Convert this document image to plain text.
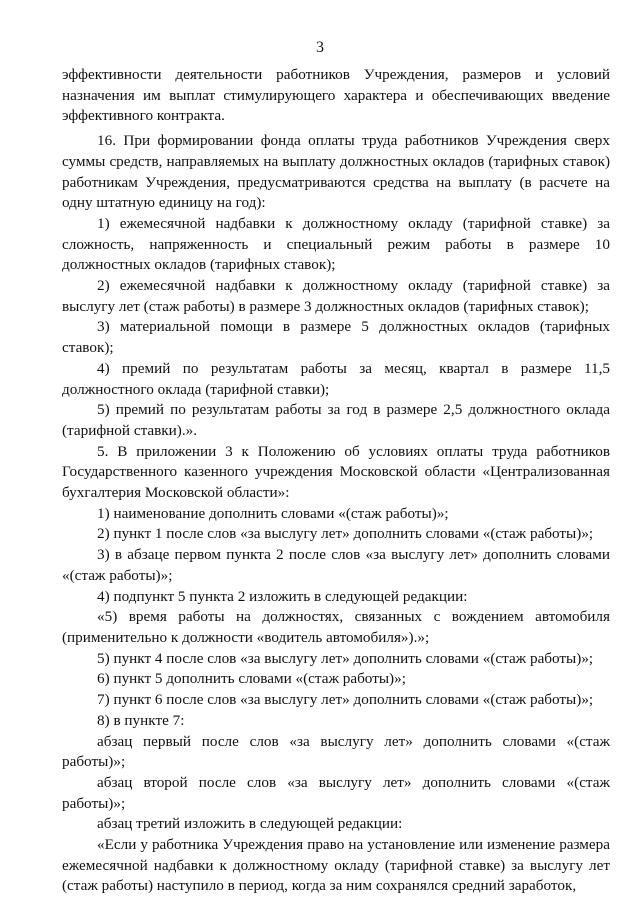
3

эффективности деятельности работников Учреждения, размеров и условий назначения им выплат стимулирующего характера и обеспечивающих введение эффективного контракта.

16. При формировании фонда оплаты труда работников Учреждения сверх суммы средств, направляемых на выплату должностных окладов (тарифных ставок) работникам Учреждения, предусматриваются средства на выплату (в расчете на одну штатную единицу на год):

1) ежемесячной надбавки к должностному окладу (тарифной ставке) за сложность, напряженность и специальный режим работы в размере 10 должностных окладов (тарифных ставок);

2) ежемесячной надбавки к должностному окладу (тарифной ставке) за выслугу лет (стаж работы) в размере 3 должностных окладов (тарифных ставок);

3) материальной помощи в размере 5 должностных окладов (тарифных ставок);

4) премий по результатам работы за месяц, квартал в размере 11,5 должностного оклада (тарифной ставки);

5) премий по результатам работы за год в размере 2,5 должностного оклада (тарифной ставки).».

5. В приложении 3 к Положению об условиях оплаты труда работников Государственного казенного учреждения Московской области «Централизованная бухгалтерия Московской области»:

1) наименование дополнить словами «(стаж работы)»;

2) пункт 1 после слов «за выслугу лет» дополнить словами «(стаж работы)»;

3) в абзаце первом пункта 2 после слов «за выслугу лет» дополнить словами «(стаж работы)»;

4) подпункт 5 пункта 2 изложить в следующей редакции:

«5) время работы на должностях, связанных с вождением автомобиля (применительно к должности «водитель автомобиля»).»;

5) пункт 4 после слов «за выслугу лет» дополнить словами «(стаж работы)»;

6) пункт 5 дополнить словами «(стаж работы)»;

7) пункт 6 после слов «за выслугу лет» дополнить словами «(стаж работы)»;

8) в пункте 7:

абзац первый после слов «за выслугу лет» дополнить словами «(стаж работы)»;

абзац второй после слов «за выслугу лет» дополнить словами «(стаж работы)»;

абзац третий изложить в следующей редакции:

«Если у работника Учреждения право на установление или изменение размера ежемесячной надбавки к должностному окладу (тарифной ставке) за выслугу лет (стаж работы) наступило в период, когда за ним сохранялся средний заработок,
